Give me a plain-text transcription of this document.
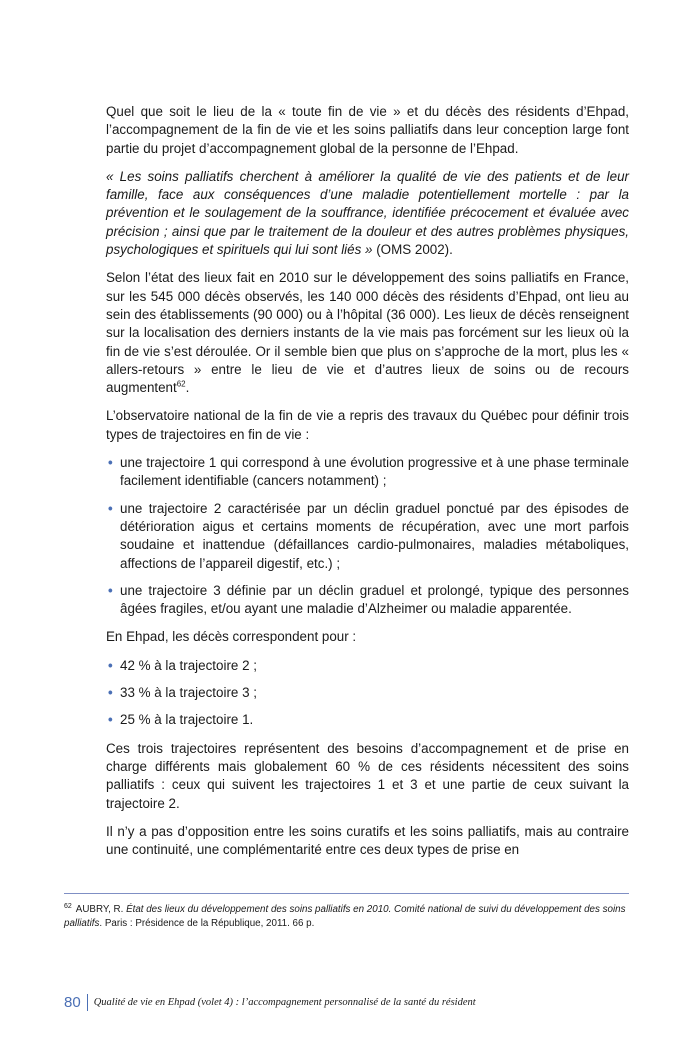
Quel que soit le lieu de la « toute fin de vie » et du décès des résidents d’Ehpad, l’accompagnement de la fin de vie et les soins palliatifs dans leur conception large font partie du projet d’accompagnement global de la personne de l’Ehpad.

« Les soins palliatifs cherchent à améliorer la qualité de vie des patients et de leur famille, face aux conséquences d’une maladie potentiellement mortelle : par la prévention et le soulagement de la souffrance, identifiée précocement et évaluée avec précision ; ainsi que par le traitement de la douleur et des autres problèmes physiques, psychologiques et spirituels qui lui sont liés » (OMS 2002).

Selon l’état des lieux fait en 2010 sur le développement des soins palliatifs en France, sur les 545 000 décès observés, les 140 000 décès des résidents d’Ehpad, ont lieu au sein des établissements (90 000) ou à l’hôpital (36 000). Les lieux de décès renseignent sur la localisation des derniers instants de la vie mais pas forcément sur les lieux où la fin de vie s’est déroulée. Or il semble bien que plus on s’approche de la mort, plus les « allers-retours » entre le lieu de vie et d’autres lieux de soins ou de recours augmentent$^{62}$.

L’observatoire national de la fin de vie a repris des travaux du Québec pour définir trois types de trajectoires en fin de vie :

• une trajectoire 1 qui correspond à une évolution progressive et à une phase terminale facilement identifiable (cancers notamment) ;
• une trajectoire 2 caractérisée par un déclin graduel ponctué par des épisodes de détérioration aigus et certains moments de récupération, avec une mort parfois soudaine et inattendue (défaillances cardio-pulmonaires, maladies métaboliques, affections de l’appareil digestif, etc.) ;
• une trajectoire 3 définie par un déclin graduel et prolongé, typique des personnes âgées fragiles, et/ou ayant une maladie d’Alzheimer ou maladie apparentée.

En Ehpad, les décès correspondent pour :

• 42 % à la trajectoire 2 ;
• 33 % à la trajectoire 3 ;
• 25 % à la trajectoire 1.

Ces trois trajectoires représentent des besoins d’accompagnement et de prise en charge différents mais globalement 60 % de ces résidents nécessitent des soins palliatifs : ceux qui suivent les trajectoires 1 et 3 et une partie de ceux suivant la trajectoire 2.

Il n’y a pas d’opposition entre les soins curatifs et les soins palliatifs, mais au contraire une continuité, une complémentarité entre ces deux types de prise en

$^{62}$ AUBRY, R. État des lieux du développement des soins palliatifs en 2010. Comité national de suivi du développement des soins palliatifs. Paris : Présidence de la République, 2011. 66 p.
80	Qualité de vie en Ehpad (volet 4) : l’accompagnement personnalisé de la santé du résident
